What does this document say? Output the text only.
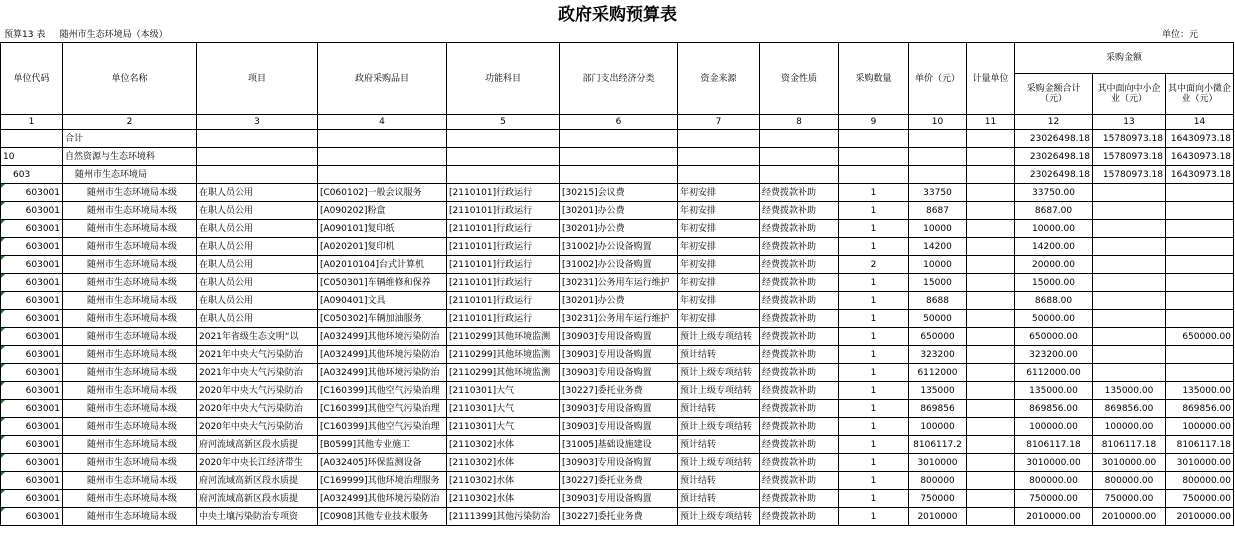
政府采购预算表
预算13 表 随州市生态环境局（本级）	单位：元
单位代码	单位名称	项目	政府采购品目	功能科目	部门支出经济分类	资金来源	资金性质	采购数量	单价（元）	计量单位	采购金额		
											采购金额合计（元）	其中面向中小企业（元）	其中面向小微企业（元）
1	2	3	4	5	6	7	8	9	10	11	12	13	14
	合计										23026498.18	15780973.18	16430973.18
10	自然资源与生态环境科										23026498.18	15780973.18	16430973.18
603	随州市生态环境局										23026498.18	15780973.18	16430973.18
603001	随州市生态环境局本级	在职人员公用	[C060102]一般会议服务	[2110101]行政运行	[30215]会议费	年初安排	经费拨款补助	1	33750		33750.00		
603001	随州市生态环境局本级	在职人员公用	[A090202]粉盒	[2110101]行政运行	[30201]办公费	年初安排	经费拨款补助	1	8687		8687.00		
603001	随州市生态环境局本级	在职人员公用	[A090101]复印纸	[2110101]行政运行	[30201]办公费	年初安排	经费拨款补助	1	10000		10000.00		
603001	随州市生态环境局本级	在职人员公用	[A020201]复印机	[2110101]行政运行	[31002]办公设备购置	年初安排	经费拨款补助	1	14200		14200.00		
603001	随州市生态环境局本级	在职人员公用	[A02010104]台式计算机	[2110101]行政运行	[31002]办公设备购置	年初安排	经费拨款补助	2	10000		20000.00		
603001	随州市生态环境局本级	在职人员公用	[C050301]车辆维修和保养	[2110101]行政运行	[30231]公务用车运行维护	年初安排	经费拨款补助	1	15000		15000.00		
603001	随州市生态环境局本级	在职人员公用	[A090401]文具	[2110101]行政运行	[30201]办公费	年初安排	经费拨款补助	1	8688		8688.00		
603001	随州市生态环境局本级	在职人员公用	[C050302]车辆加油服务	[2110101]行政运行	[30231]公务用车运行维护	年初安排	经费拨款补助	1	50000		50000.00		
603001	随州市生态环境局本级	2021年省级生态文明“以	[A032499]其他环境污染防治	[2110299]其他环境监测	[30903]专用设备购置	预计上级专项结转	经费拨款补助	1	650000		650000.00		650000.00
603001	随州市生态环境局本级	2021年中央大气污染防治	[A032499]其他环境污染防治	[2110299]其他环境监测	[30903]专用设备购置	预计结转	经费拨款补助	1	323200		323200.00		
603001	随州市生态环境局本级	2021年中央大气污染防治	[A032499]其他环境污染防治	[2110299]其他环境监测	[30903]专用设备购置	预计上级专项结转	经费拨款补助	1	6112000		6112000.00		
603001	随州市生态环境局本级	2020年中央大气污染防治	[C160399]其他空气污染治理	[2110301]大气	[30227]委托业务费	预计上级专项结转	经费拨款补助	1	135000		135000.00	135000.00	135000.00
603001	随州市生态环境局本级	2020年中央大气污染防治	[C160399]其他空气污染治理	[2110301]大气	[30903]专用设备购置	预计结转	经费拨款补助	1	869856		869856.00	869856.00	869856.00
603001	随州市生态环境局本级	2020年中央大气污染防治	[C160399]其他空气污染治理	[2110301]大气	[30903]专用设备购置	预计上级专项结转	经费拨款补助	1	100000		100000.00	100000.00	100000.00
603001	随州市生态环境局本级	府河流域高新区段水质提	[B0599]其他专业施工	[2110302]水体	[31005]基础设施建设	预计结转	经费拨款补助	1	8106117.2		8106117.18	8106117.18	8106117.18
603001	随州市生态环境局本级	2020年中央长江经济带生	[A032405]环保监测设备	[2110302]水体	[30903]专用设备购置	预计上级专项结转	经费拨款补助	1	3010000		3010000.00	3010000.00	3010000.00
603001	随州市生态环境局本级	府河流域高新区段水质提	[C169999]其他环境治理服务	[2110302]水体	[30227]委托业务费	预计结转	经费拨款补助	1	800000		800000.00	800000.00	800000.00
603001	随州市生态环境局本级	府河流域高新区段水质提	[A032499]其他环境污染防治	[2110302]水体	[30903]专用设备购置	预计结转	经费拨款补助	1	750000		750000.00	750000.00	750000.00
603001	随州市生态环境局本级	中央土壤污染防治专项资	[C0908]其他专业技术服务	[2111399]其他污染防治	[30227]委托业务费	预计上级专项结转	经费拨款补助	1	2010000		2010000.00	2010000.00	2010000.00
